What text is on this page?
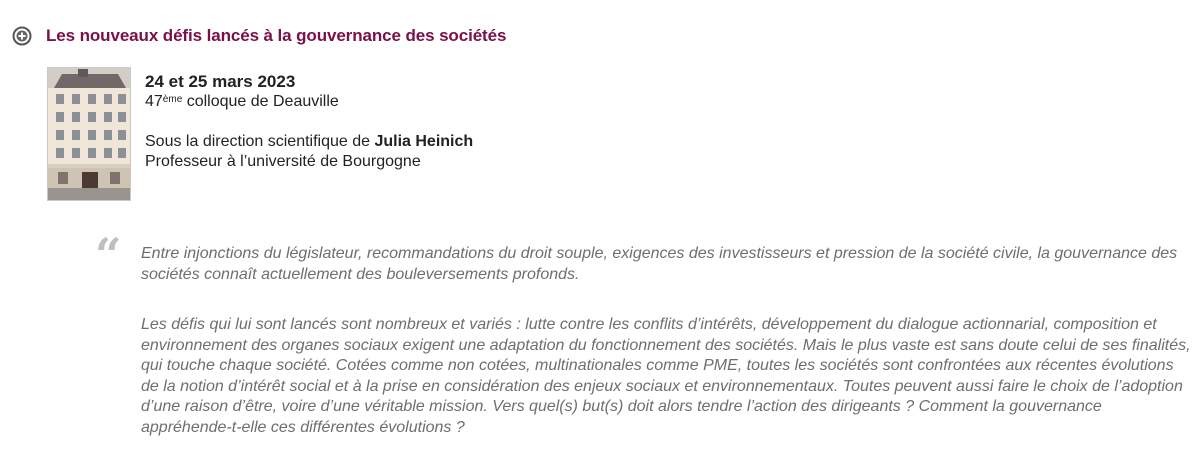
Les nouveaux défis lancés à la gouvernance des sociétés
24 et 25 mars 2023
47ème colloque de Deauville
Sous la direction scientifique de Julia Heinich
Professeur à l’université de Bourgogne
“ Entre injonctions du législateur, recommandations du droit souple, exigences des investisseurs et pression de la société civile, la gouvernance des sociétés connaît actuellement des bouleversements profonds.

Les défis qui lui sont lancés sont nombreux et variés : lutte contre les conflits d’intérêts, développement du dialogue actionnarial, composition et environnement des organes sociaux exigent une adaptation du fonctionnement des sociétés. Mais le plus vaste est sans doute celui de ses finalités, qui touche chaque société. Cotées comme non cotées, multinationales comme PME, toutes les sociétés sont confrontées aux récentes évolutions de la notion d’intérêt social et à la prise en considération des enjeux sociaux et environnementaux. Toutes peuvent aussi faire le choix de l’adoption d’une raison d’être, voire d’une véritable mission. Vers quel(s) but(s) doit alors tendre l’action des dirigeants ? Comment la gouvernance appréhende-t-elle ces différentes évolutions ?
